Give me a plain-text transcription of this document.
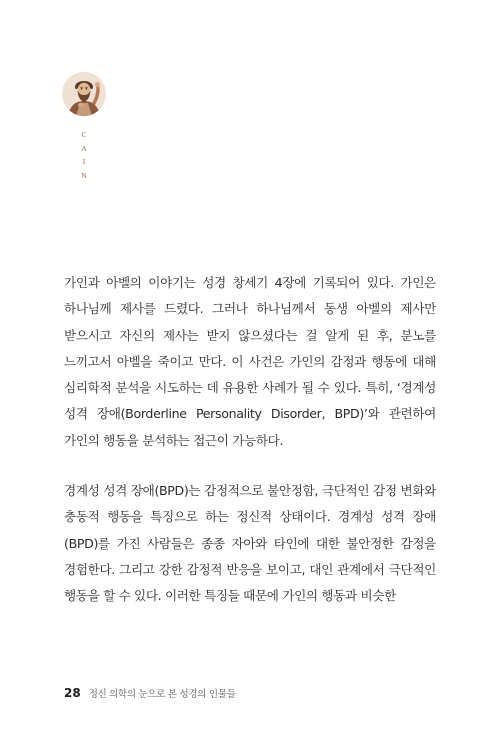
C
A
I
N

가인과 아벨의 이야기는 성경 창세기 4장에 기록되어 있다. 가인은 하나님께 제사를 드렸다. 그러나 하나님께서 동생 아벨의 제사만 받으시고 자신의 제사는 받지 않으셨다는 걸 알게 된 후, 분노를 느끼고서 아벨을 죽이고 만다. 이 사건은 가인의 감정과 행동에 대해 심리학적 분석을 시도하는 데 유용한 사례가 될 수 있다. 특히, ‘경계성 성격 장애(Borderline Personality Disorder, BPD)’와 관련하여 가인의 행동을 분석하는 접근이 가능하다.

경계성 성격 장애(BPD)는 감정적으로 불안정함, 극단적인 감정 변화와 충동적 행동을 특징으로 하는 정신적 상태이다. 경계성 성격 장애(BPD)를 가진 사람들은 종종 자아와 타인에 대한 불안정한 감정을 경험한다. 그리고 강한 감정적 반응을 보이고, 대인 관계에서 극단적인 행동을 할 수 있다. 이러한 특징들 때문에 가인의 행동과 비슷한

28 정신 의학의 눈으로 본 성경의 인물들
